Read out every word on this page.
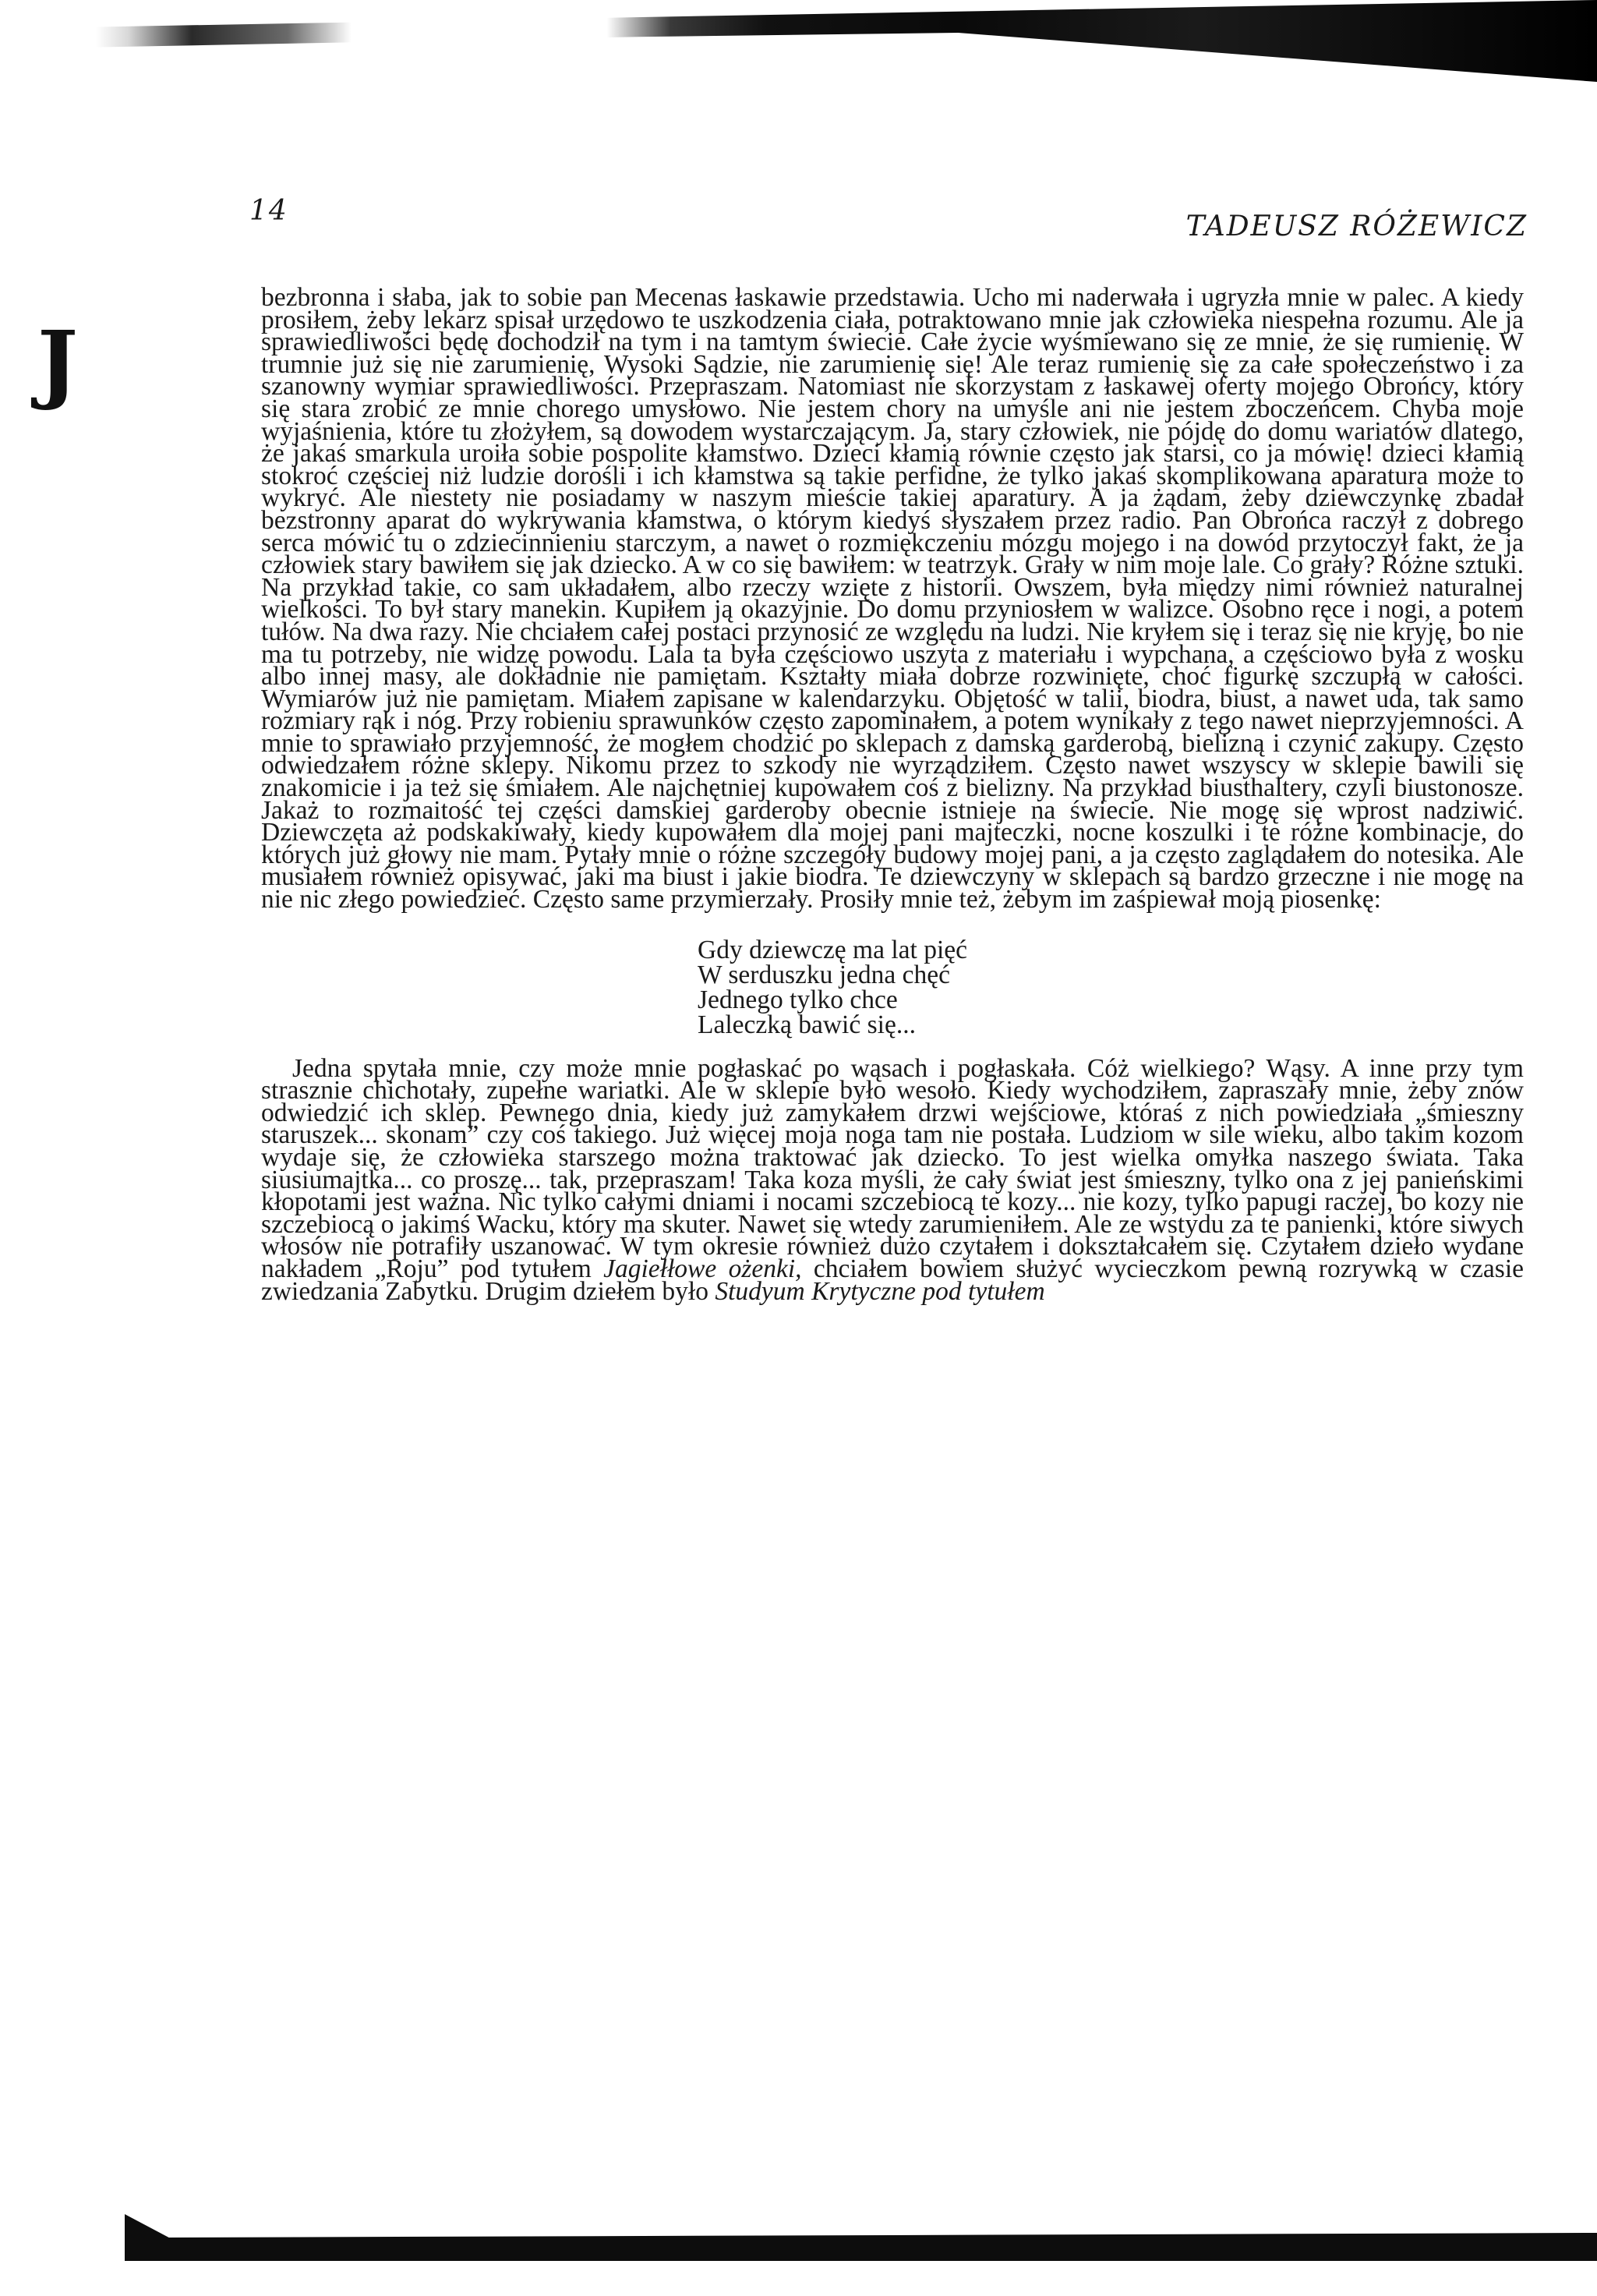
J
14	TADEUSZ RÓŻEWICZ

bezbronna i słaba, jak to sobie pan Mecenas łaskawie przedstawia. Ucho mi naderwała i ugryzła mnie w palec. A kiedy prosiłem, żeby lekarz spisał urzędowo te uszkodzenia ciała, potraktowano mnie jak człowieka niespełna rozumu. Ale ja sprawiedliwości będę dochodził na tym i na tamtym świecie. Całe życie wyśmiewano się ze mnie, że się rumienię. W trumnie już się nie zarumienię, Wysoki Sądzie, nie zarumienię się! Ale teraz rumienię się za całe społeczeństwo i za szanowny wymiar sprawiedliwości. Przepraszam. Natomiast nie skorzystam z łaskawej oferty mojego Obrońcy, który się stara zrobić ze mnie chorego umysłowo. Nie jestem chory na umyśle ani nie jestem zboczeńcem. Chyba moje wyjaśnienia, które tu złożyłem, są dowodem wystarczającym. Ja, stary człowiek, nie pójdę do domu wariatów dlatego, że jakaś smarkula uroiła sobie pospolite kłamstwo. Dzieci kłamią równie często jak starsi, co ja mówię! dzieci kłamią stokroć częściej niż ludzie dorośli i ich kłamstwa są takie perfidne, że tylko jakaś skomplikowana aparatura może to wykryć. Ale niestety nie posiadamy w naszym mieście takiej aparatury. A ja żądam, żeby dziewczynkę zbadał bezstronny aparat do wykrywania kłamstwa, o którym kiedyś słyszałem przez radio. Pan Obrońca raczył z dobrego serca mówić tu o zdziecinnieniu starczym, a nawet o rozmiękczeniu mózgu mojego i na dowód przytoczył fakt, że ja człowiek stary bawiłem się jak dziecko. A w co się bawiłem: w teatrzyk. Grały w nim moje lale. Co grały? Różne sztuki. Na przykład takie, co sam układałem, albo rzeczy wzięte z historii. Owszem, była między nimi również naturalnej wielkości. To był stary manekin. Kupiłem ją okazyjnie. Do domu przyniosłem w walizce. Osobno ręce i nogi, a potem tułów. Na dwa razy. Nie chciałem całej postaci przynosić ze względu na ludzi. Nie kryłem się i teraz się nie kryję, bo nie ma tu potrzeby, nie widzę powodu. Lala ta była częściowo uszyta z materiału i wypchana, a częściowo była z wosku albo innej masy, ale dokładnie nie pamiętam. Kształty miała dobrze rozwinięte, choć figurkę szczupłą w całości. Wymiarów już nie pamiętam. Miałem zapisane w kalendarzyku. Objętość w talii, biodra, biust, a nawet uda, tak samo rozmiary rąk i nóg. Przy robieniu sprawunków często zapominałem, a potem wynikały z tego nawet nieprzyjemności. A mnie to sprawiało przyjemność, że mogłem chodzić po sklepach z damską garderobą, bielizną i czynić zakupy. Często odwiedzałem różne sklepy. Nikomu przez to szkody nie wyrządziłem. Często nawet wszyscy w sklepie bawili się znakomicie i ja też się śmiałem. Ale najchętniej kupowałem coś z bielizny. Na przykład biusthaltery, czyli biustonosze. Jakaż to rozmaitość tej części damskiej garderoby obecnie istnieje na świecie. Nie mogę się wprost nadziwić. Dziewczęta aż podskakiwały, kiedy kupowałem dla mojej pani majteczki, nocne koszulki i te różne kombinacje, do których już głowy nie mam. Pytały mnie o różne szczegóły budowy mojej pani, a ja często zaglądałem do notesika. Ale musiałem również opisywać, jaki ma biust i jakie biodra. Te dziewczyny w sklepach są bardzo grzeczne i nie mogę na nie nic złego powiedzieć. Często same przymierzały. Prosiły mnie też, żebym im zaśpiewał moją piosenkę:

Gdy dziewczę ma lat pięć
W serduszku jedna chęć
Jednego tylko chce
Laleczką bawić się...

Jedna spytała mnie, czy może mnie pogłaskać po wąsach i pogłaskała. Cóż wielkiego? Wąsy. A inne przy tym strasznie chichotały, zupełne wariatki. Ale w sklepie było wesoło. Kiedy wychodziłem, zapraszały mnie, żeby znów odwiedzić ich sklep. Pewnego dnia, kiedy już zamykałem drzwi wejściowe, któraś z nich powiedziała „śmieszny staruszek... skonam” czy coś takiego. Już więcej moja noga tam nie postała. Ludziom w sile wieku, albo takim kozom wydaje się, że człowieka starszego można traktować jak dziecko. To jest wielka omyłka naszego świata. Taka siusiumajtka... co proszę... tak, przepraszam! Taka koza myśli, że cały świat jest śmieszny, tylko ona z jej panieńskimi kłopotami jest ważna. Nic tylko całymi dniami i nocami szczebiocą te kozy... nie kozy, tylko papugi raczej, bo kozy nie szczebiocą o jakimś Wacku, który ma skuter. Nawet się wtedy zarumieniłem. Ale ze wstydu za te panienki, które siwych włosów nie potrafiły uszanować. W tym okresie również dużo czytałem i dokształcałem się. Czytałem dzieło wydane nakładem „Roju” pod tytułem Jagiełłowe ożenki, chciałem bowiem służyć wycieczkom pewną rozrywką w czasie zwiedzania Zabytku. Drugim dziełem było Studyum Krytyczne pod tytułem
